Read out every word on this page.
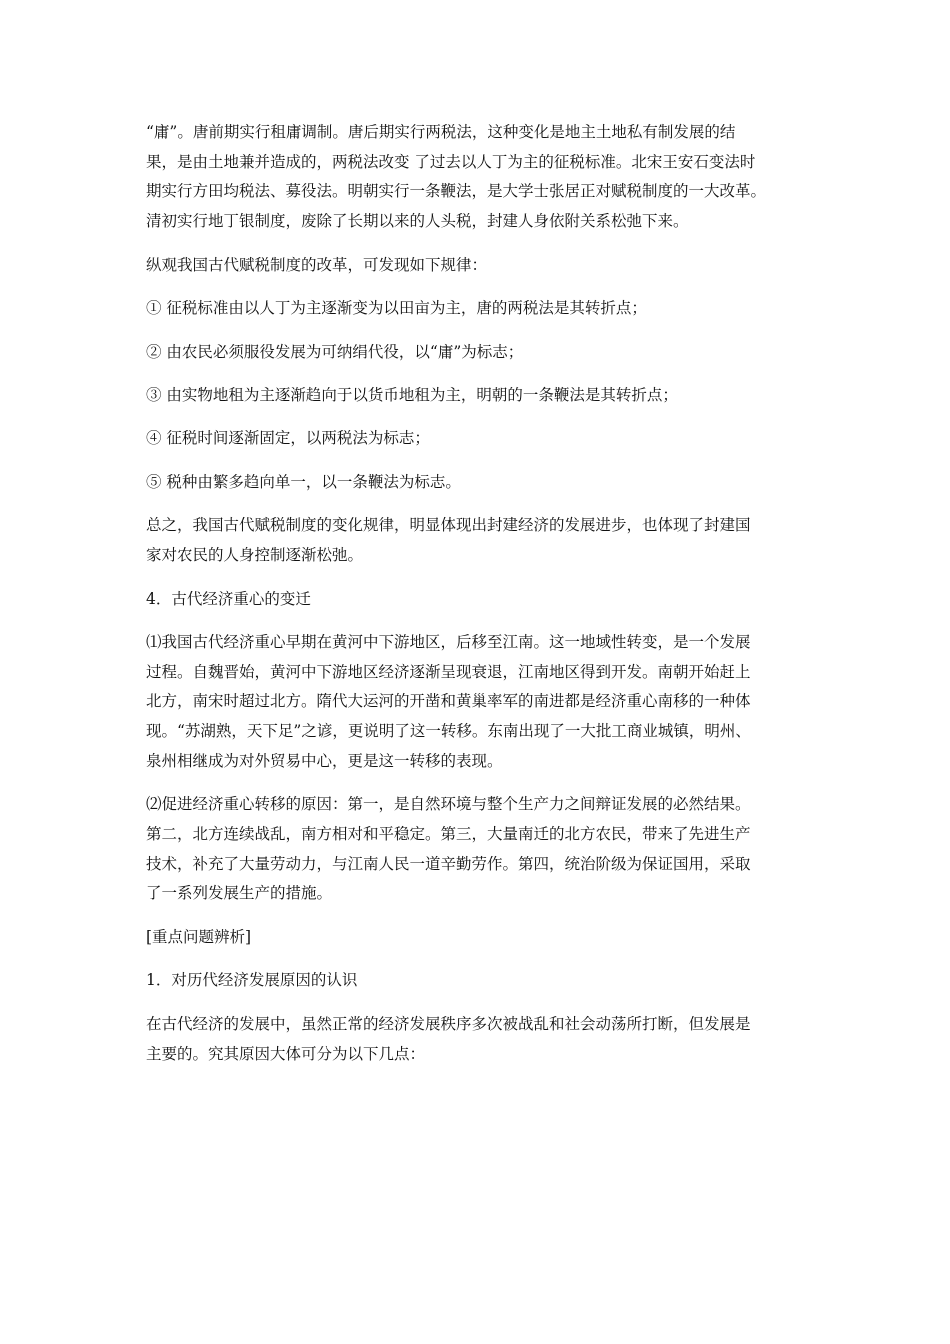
“庸”。唐前期实行租庸调制。唐后期实行两税法，这种变化是地主土地私有制发展的结
果，是由土地兼并造成的，两税法改变 了过去以人丁为主的征税标准。北宋王安石变法时
期实行方田均税法、募役法。明朝实行一条鞭法，是大学士张居正对赋税制度的一大改革。
清初实行地丁银制度，废除了长期以来的人头税，封建人身依附关系松弛下来。
纵观我国古代赋税制度的改革，可发现如下规律：
① 征税标准由以人丁为主逐渐变为以田亩为主，唐的两税法是其转折点；
② 由农民必须服役发展为可纳绢代役，以“庸”为标志；
③ 由实物地租为主逐渐趋向于以货币地租为主，明朝的一条鞭法是其转折点；
④ 征税时间逐渐固定，以两税法为标志；
⑤ 税种由繁多趋向单一，以一条鞭法为标志。
总之，我国古代赋税制度的变化规律，明显体现出封建经济的发展进步，也体现了封建国
家对农民的人身控制逐渐松弛。
4．古代经济重心的变迁
⑴我国古代经济重心早期在黄河中下游地区，后移至江南。这一地域性转变，是一个发展
过程。自魏晋始，黄河中下游地区经济逐渐呈现衰退，江南地区得到开发。南朝开始赶上
北方，南宋时超过北方。隋代大运河的开凿和黄巢率军的南进都是经济重心南移的一种体
现。“苏湖熟，天下足”之谚，更说明了这一转移。东南出现了一大批工商业城镇，明州、
泉州相继成为对外贸易中心，更是这一转移的表现。
⑵促进经济重心转移的原因：第一，是自然环境与整个生产力之间辩证发展的必然结果。
第二，北方连续战乱，南方相对和平稳定。第三，大量南迁的北方农民，带来了先进生产
技术，补充了大量劳动力，与江南人民一道辛勤劳作。第四，统治阶级为保证国用，采取
了一系列发展生产的措施。
[重点问题辨析]
1．对历代经济发展原因的认识
在古代经济的发展中，虽然正常的经济发展秩序多次被战乱和社会动荡所打断，但发展是
主要的。究其原因大体可分为以下几点：
